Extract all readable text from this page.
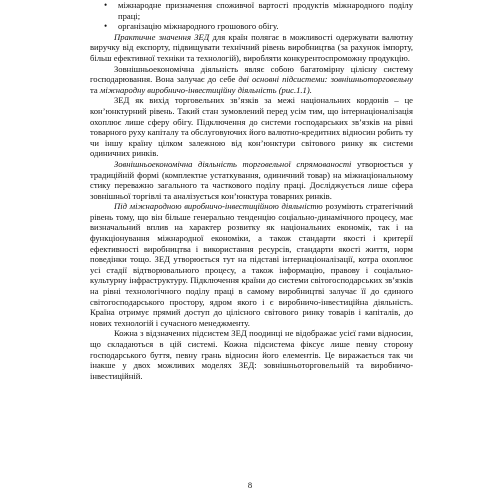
• міжнародне призначення споживчої вартості продуктів міжнародного поділу праці;

• організацію міжнародного грошового обігу.

Практичне значення ЗЕД для країн полягає в можливості одержувати валютну виручку від експорту, підвищувати технічний рівень виробництва (за рахунок імпорту, більш ефективної техніки та технологій), виробляти конкурентоспроможну продукцію.

Зовнішньоекономічна діяльність являє собою багатомірну цілісну систему господарювання. Вона залучає до себе дві основні підсистеми: зовнішньоторговельну та міжнародну виробничо-інвестиційну діяльність (рис.1.1).

ЗЕД як вихід торговельних зв’язків за межі національних кордонів – це кон’юнктурний рівень. Такий стан зумовлений перед усім тим, що інтернаціоналізація охоплює лише сферу обігу. Підключення до системи господарських зв’язків на рівні товарного руху капіталу та обслуговуючих його валютно-кредитних відносин робить ту чи іншу країну цілком залежною від кон’юнктури світового ринку як системи одиничних ринків.

Зовнішньоекономічна діяльність торговельної спрямованості утворюється у традиційній формі (комплектне устаткування, одиничний товар) на міжнаціональному стику переважно загального та часткового поділу праці. Досліджується лише сфера зовнішньої торгівлі та аналізується кон’юнктура товарних ринків.

Під міжнародною виробничо-інвестиційною діяльністю розуміють стратегічний рівень тому, що він більше генерально тенденцію соціально-динамічного процесу, має визначальний вплив на характер розвитку як національних економік, так і на функціонування міжнародної економіки, а також стандарти якості і критерії ефективності виробництва і використання ресурсів, стандарти якості життя, норм поведінки тощо. ЗЕД утворюється тут на підставі інтернаціоналізації, котра охоплює усі стадії відтворювального процесу, а також інформацію, правову і соціально-культурну інфраструктуру. Підключення країни до системи світогосподарських зв’язків на рівні технологічного поділу праці в самому виробництві залучає її до єдиного світогосподарського простору, ядром якого і є виробничо-інвестиційна діяльність. Країна отримує прямий доступ до цілісного світового ринку товарів і капіталів, до нових технологій і сучасного менеджменту.

Кожна з відзначених підсистем ЗЕД поодинці не відображає усієї гами відносин, що складаються в цій системі. Кожна підсистема фіксує лише певну сторону господарського буття, певну грань відносин його елементів. Це виражається так чи інакше у двох можливих моделях ЗЕД: зовнішньоторговельній та виробничо-інвестиційній.

8
